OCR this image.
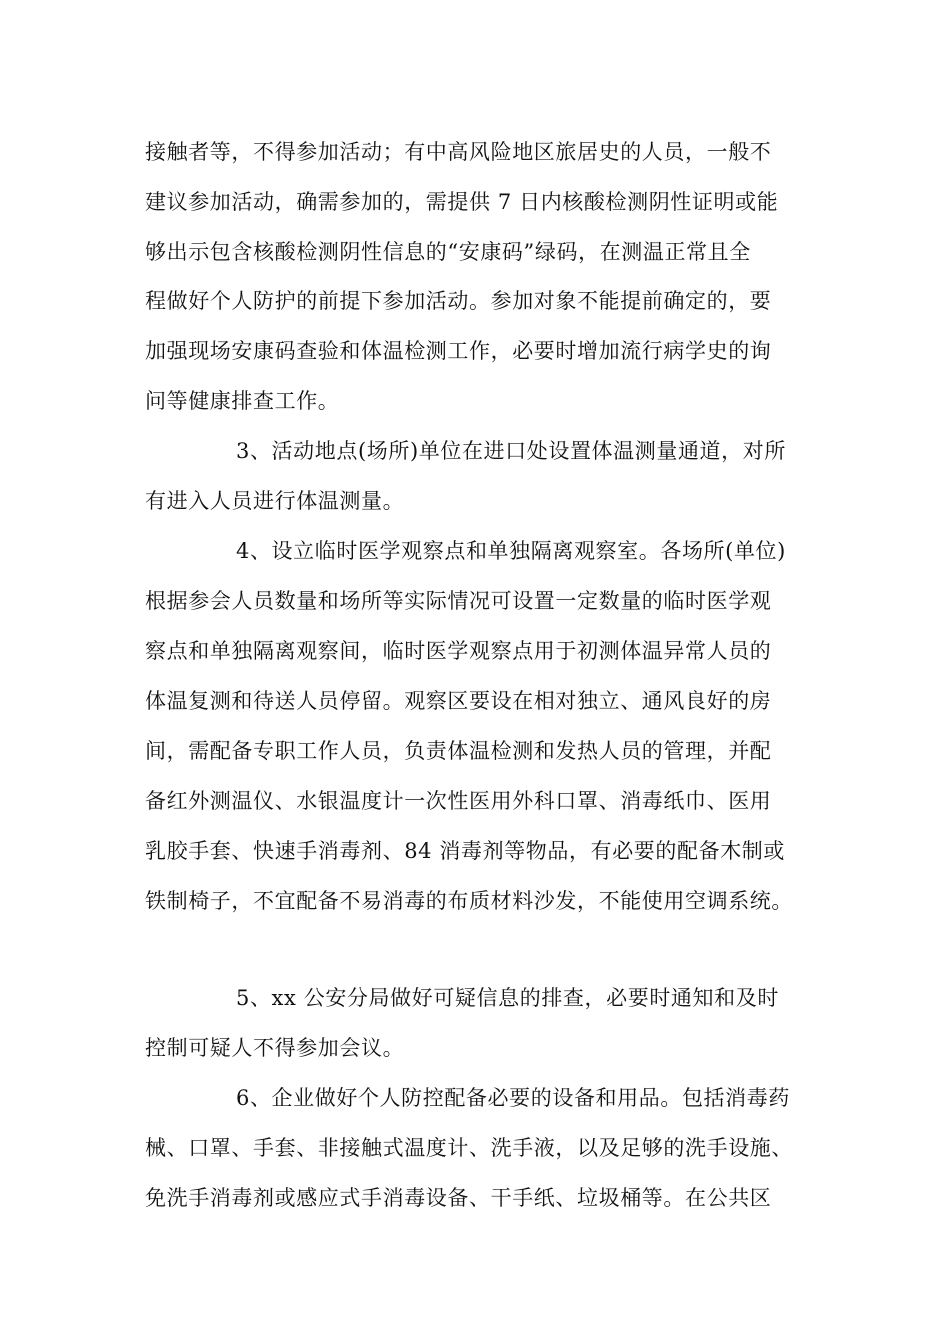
接触者等，不得参加活动；有中高风险地区旅居史的人员，一般不
建议参加活动，确需参加的，需提供 7 日内核酸检测阴性证明或能
够出示包含核酸检测阴性信息的“安康码”绿码，在测温正常且全
程做好个人防护的前提下参加活动。参加对象不能提前确定的，要
加强现场安康码查验和体温检测工作，必要时增加流行病学史的询
问等健康排查工作。
3、活动地点(场所)单位在进口处设置体温测量通道，对所
有进入人员进行体温测量。
4、设立临时医学观察点和单独隔离观察室。各场所(单位)
根据参会人员数量和场所等实际情况可设置一定数量的临时医学观
察点和单独隔离观察间，临时医学观察点用于初测体温异常人员的
体温复测和待送人员停留。观察区要设在相对独立、通风良好的房
间，需配备专职工作人员，负责体温检测和发热人员的管理，并配
备红外测温仪、水银温度计一次性医用外科口罩、消毒纸巾、医用
乳胶手套、快速手消毒剂、84 消毒剂等物品，有必要的配备木制或
铁制椅子，不宜配备不易消毒的布质材料沙发，不能使用空调系统。
5、xx 公安分局做好可疑信息的排查，必要时通知和及时
控制可疑人不得参加会议。
6、企业做好个人防控配备必要的设备和用品。包括消毒药
械、口罩、手套、非接触式温度计、洗手液，以及足够的洗手设施、
免洗手消毒剂或感应式手消毒设备、干手纸、垃圾桶等。在公共区
